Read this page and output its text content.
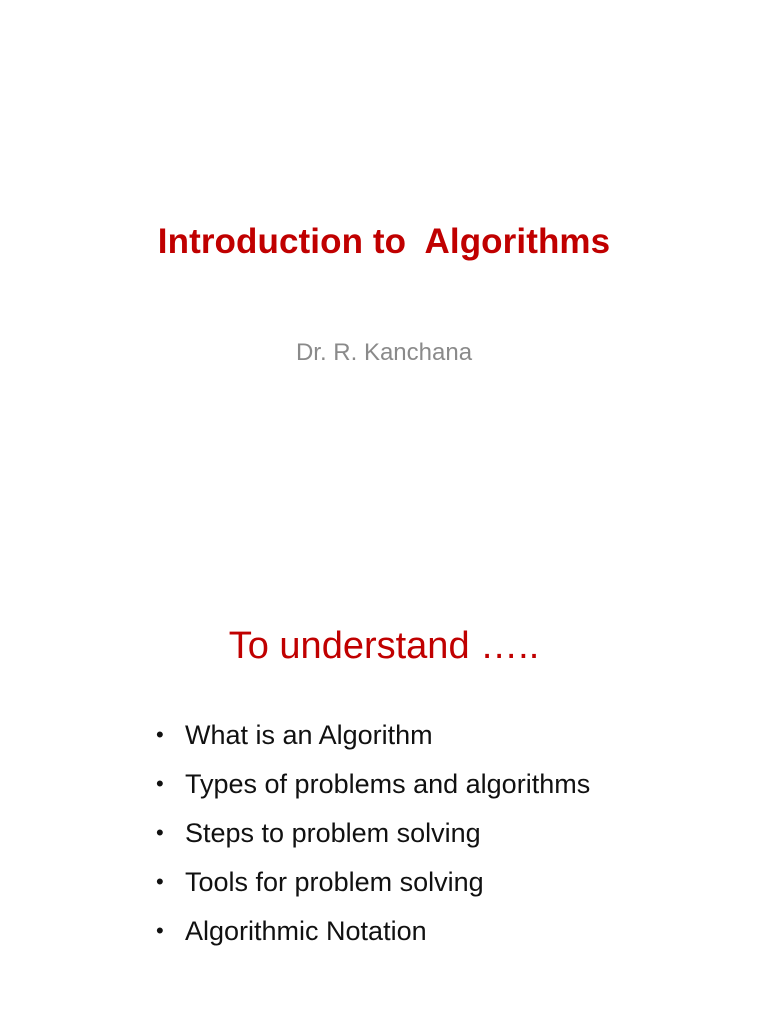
Introduction to  Algorithms
Dr. R. Kanchana
To understand …..
• What is an Algorithm
• Types of problems and algorithms
• Steps to problem solving
• Tools for problem solving
• Algorithmic Notation
